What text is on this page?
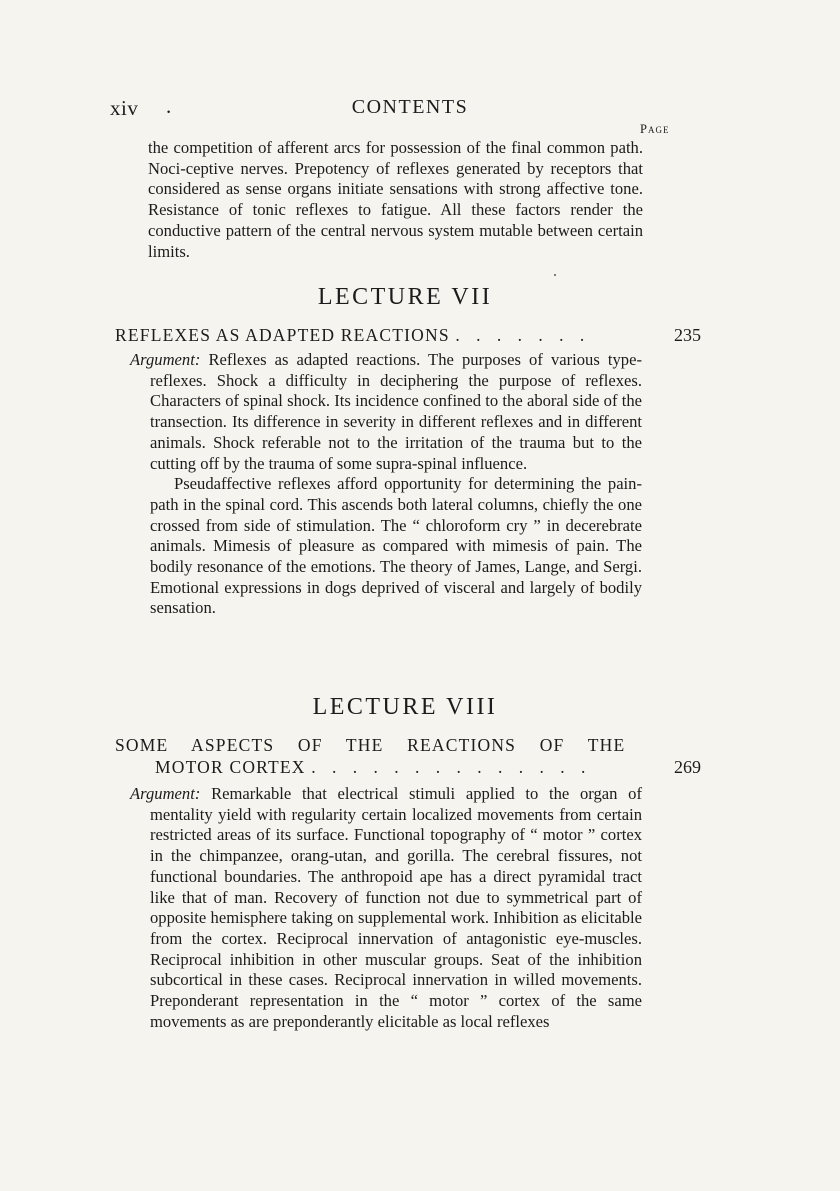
xiv .	CONTENTS
Page
the competition of afferent arcs for possession of the final common path. Noci-ceptive nerves. Prepotency of reflexes generated by receptors that considered as sense organs initiate sensations with strong affective tone. Resistance of tonic reflexes to fatigue. All these factors render the conductive pattern of the central nervous system mutable between certain limits.
LECTURE VII
REFLEXES AS ADAPTED REACTIONS . . . . . . .	235

Argument: Reflexes as adapted reactions. The purposes of various type-reflexes. Shock a difficulty in deciphering the purpose of reflexes. Characters of spinal shock. Its incidence confined to the aboral side of the transection. Its difference in severity in different reflexes and in different animals. Shock referable not to the irritation of the trauma but to the cutting off by the trauma of some supra-spinal influence.

Pseudaffective reflexes afford opportunity for determining the pain-path in the spinal cord. This ascends both lateral columns, chiefly the one crossed from side of stimulation. The “ chloroform cry ” in decerebrate animals. Mimesis of pleasure as compared with mimesis of pain. The bodily resonance of the emotions. The theory of James, Lange, and Sergi. Emotional expressions in dogs deprived of visceral and largely of bodily sensation.

LECTURE VIII
SOME ASPECTS OF THE REACTIONS OF THE
MOTOR CORTEX . . . . . . . . . . . . . .	269

Argument: Remarkable that electrical stimuli applied to the organ of mentality yield with regularity certain localized movements from certain restricted areas of its surface. Functional topography of “ motor ” cortex in the chimpanzee, orang-utan, and gorilla. The cerebral fissures, not functional boundaries. The anthropoid ape has a direct pyramidal tract like that of man. Recovery of function not due to symmetrical part of opposite hemisphere taking on supplemental work. Inhibition as elicitable from the cortex. Reciprocal innervation of antagonistic eye-muscles. Reciprocal inhibition in other muscular groups. Seat of the inhibition subcortical in these cases. Reciprocal innervation in willed movements. Preponderant representation in the “ motor ” cortex of the same movements as are preponderantly elicitable as local reflexes
